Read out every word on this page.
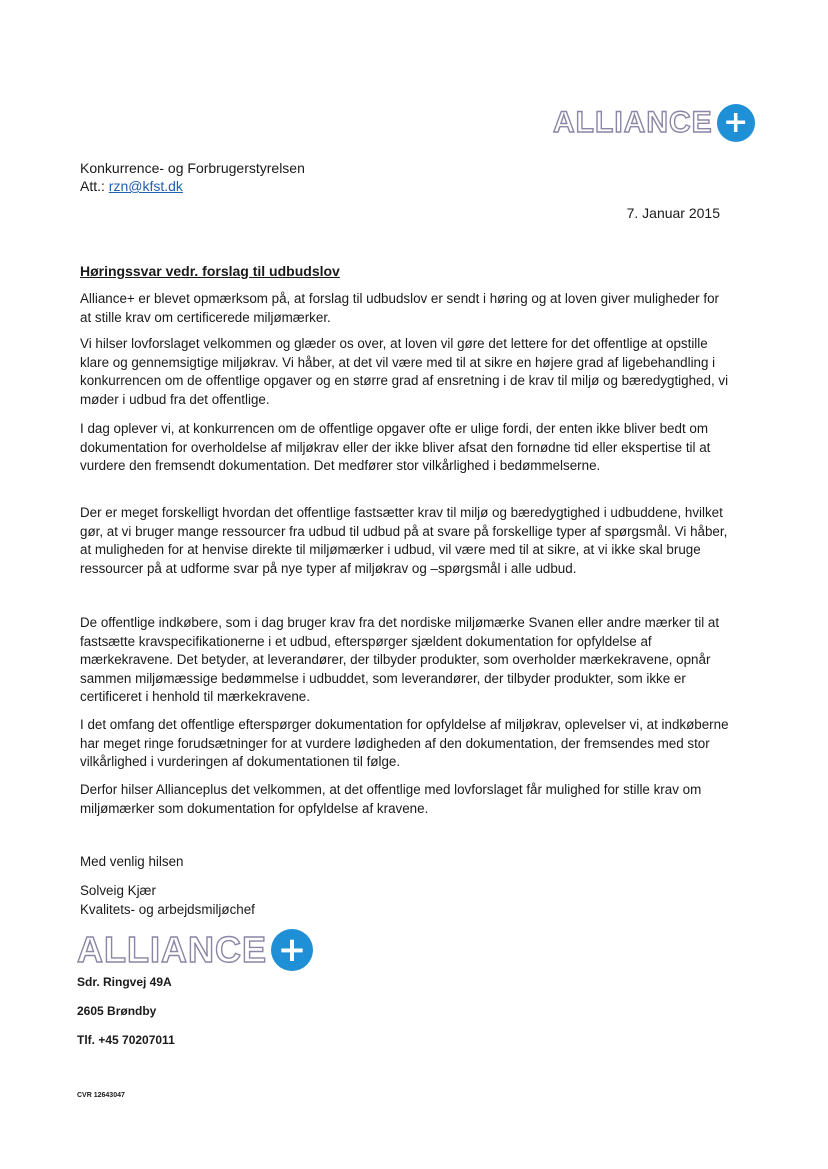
ALLIANCE +
Konkurrence- og Forbrugerstyrelsen
Att.: rzn@kfst.dk
7. Januar 2015
Høringssvar vedr. forslag til udbudslov

Alliance+ er blevet opmærksom på, at forslag til udbudslov er sendt i høring og at loven giver muligheder for at stille krav om certificerede miljømærker.

Vi hilser lovforslaget velkommen og glæder os over, at loven vil gøre det lettere for det offentlige at opstille klare og gennemsigtige miljøkrav. Vi håber, at det vil være med til at sikre en højere grad af ligebehandling i konkurrencen om de offentlige opgaver og en større grad af ensretning i de krav til miljø og bæredygtighed, vi møder i udbud fra det offentlige.

I dag oplever vi, at konkurrencen om de offentlige opgaver ofte er ulige fordi, der enten ikke bliver bedt om dokumentation for overholdelse af miljøkrav eller der ikke bliver afsat den fornødne tid eller ekspertise til at vurdere den fremsendt dokumentation. Det medfører stor vilkårlighed i bedømmelserne.

Der er meget forskelligt hvordan det offentlige fastsætter krav til miljø og bæredygtighed i udbuddene, hvilket gør, at vi bruger mange ressourcer fra udbud til udbud på at svare på forskellige typer af spørgsmål. Vi håber, at muligheden for at henvise direkte til miljømærker i udbud, vil være med til at sikre, at vi ikke skal bruge ressourcer på at udforme svar på nye typer af miljøkrav og –spørgsmål i alle udbud.

De offentlige indkøbere, som i dag bruger krav fra det nordiske miljømærke Svanen eller andre mærker til at fastsætte kravspecifikationerne i et udbud, efterspørger sjældent dokumentation for opfyldelse af mærkekravene. Det betyder, at leverandører, der tilbyder produkter, som overholder mærkekravene, opnår sammen miljømæssige bedømmelse i udbuddet, som leverandører, der tilbyder produkter, som ikke er certificeret i henhold til mærkekravene.

I det omfang det offentlige efterspørger dokumentation for opfyldelse af miljøkrav, oplevelser vi, at indkøberne har meget ringe forudsætninger for at vurdere lødigheden af den dokumentation, der fremsendes med stor vilkårlighed i vurderingen af dokumentationen til følge.

Derfor hilser Allianceplus det velkommen, at det offentlige med lovforslaget får mulighed for stille krav om miljømærker som dokumentation for opfyldelse af kravene.

Med venlig hilsen
Solveig Kjær
Kvalitets- og arbejdsmiljøchef
ALLIANCE +
Sdr. Ringvej 49A
2605 Brøndby
Tlf. +45 70207011
CVR 12643047
